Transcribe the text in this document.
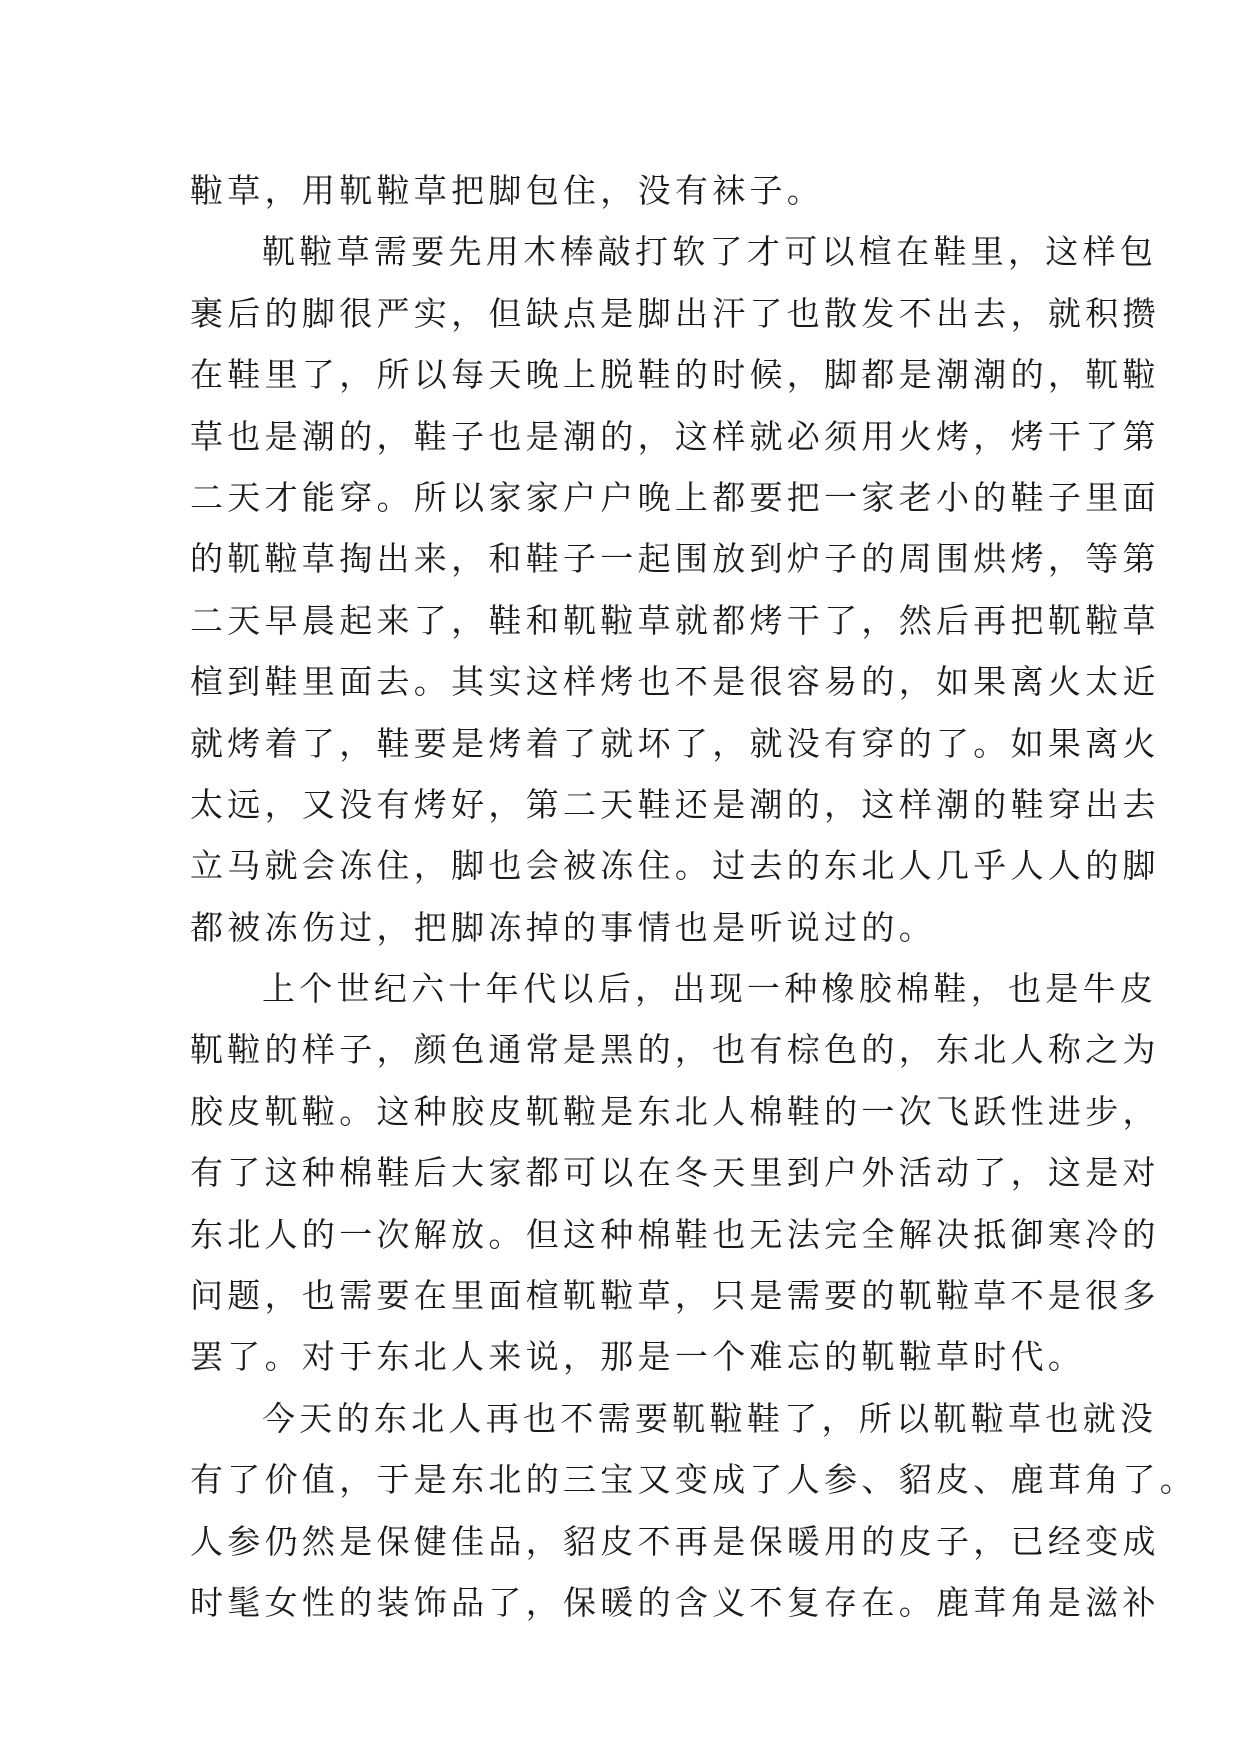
鞡草，用靰鞡草把脚包住，没有袜子。
靰鞡草需要先用木棒敲打软了才可以楦在鞋里，这样包
裹后的脚很严实，但缺点是脚出汗了也散发不出去，就积攒
在鞋里了，所以每天晚上脱鞋的时候，脚都是潮潮的，靰鞡
草也是潮的，鞋子也是潮的，这样就必须用火烤，烤干了第
二天才能穿。所以家家户户晚上都要把一家老小的鞋子里面
的靰鞡草掏出来，和鞋子一起围放到炉子的周围烘烤，等第
二天早晨起来了，鞋和靰鞡草就都烤干了，然后再把靰鞡草
楦到鞋里面去。其实这样烤也不是很容易的，如果离火太近
就烤着了，鞋要是烤着了就坏了，就没有穿的了。如果离火
太远，又没有烤好，第二天鞋还是潮的，这样潮的鞋穿出去
立马就会冻住，脚也会被冻住。过去的东北人几乎人人的脚
都被冻伤过，把脚冻掉的事情也是听说过的。
上个世纪六十年代以后，出现一种橡胶棉鞋，也是牛皮
靰鞡的样子，颜色通常是黑的，也有棕色的，东北人称之为
胶皮靰鞡。这种胶皮靰鞡是东北人棉鞋的一次飞跃性进步，
有了这种棉鞋后大家都可以在冬天里到户外活动了，这是对
东北人的一次解放。但这种棉鞋也无法完全解决抵御寒冷的
问题，也需要在里面楦靰鞡草，只是需要的靰鞡草不是很多
罢了。对于东北人来说，那是一个难忘的靰鞡草时代。
今天的东北人再也不需要靰鞡鞋了，所以靰鞡草也就没
有了价值，于是东北的三宝又变成了人参、貂皮、鹿茸角了。
人参仍然是保健佳品，貂皮不再是保暖用的皮子，已经变成
时髦女性的装饰品了，保暖的含义不复存在。鹿茸角是滋补
